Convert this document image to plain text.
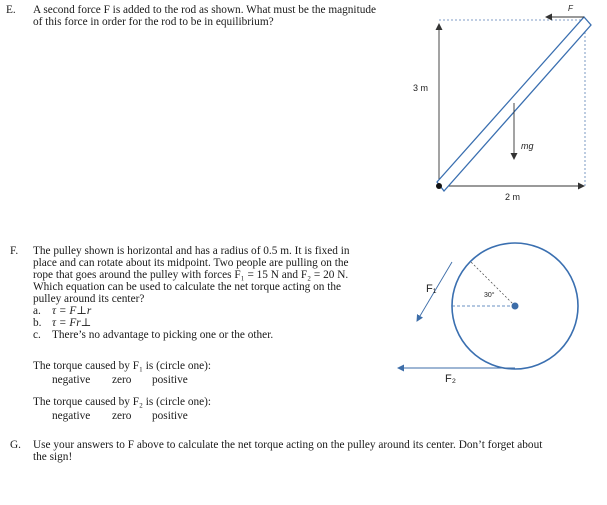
E. A second force F is added to the rod as shown. What must be the magnitude
of this force in order for the rod to be in equilibrium?
F
3 m
mg
2 m
F₁
30°
F₂
F. The pulley shown is horizontal and has a radius of 0.5 m. It is fixed in
place and can rotate about its midpoint. Two people are pulling on the
rope that goes around the pulley with forces F₁ = 15 N and F₂ = 20 N.
Which equation can be used to calculate the net torque acting on the
pulley around its center?
a. τ = F⊥r
b. τ = Fr⊥
c. There’s no advantage to picking one or the other.
The torque caused by F₁ is (circle one):
negative zero positive
The torque caused by F₂ is (circle one):
negative zero positive
G. Use your answers to F above to calculate the net torque acting on the pulley around its center. Don’t forget about
the sign!
